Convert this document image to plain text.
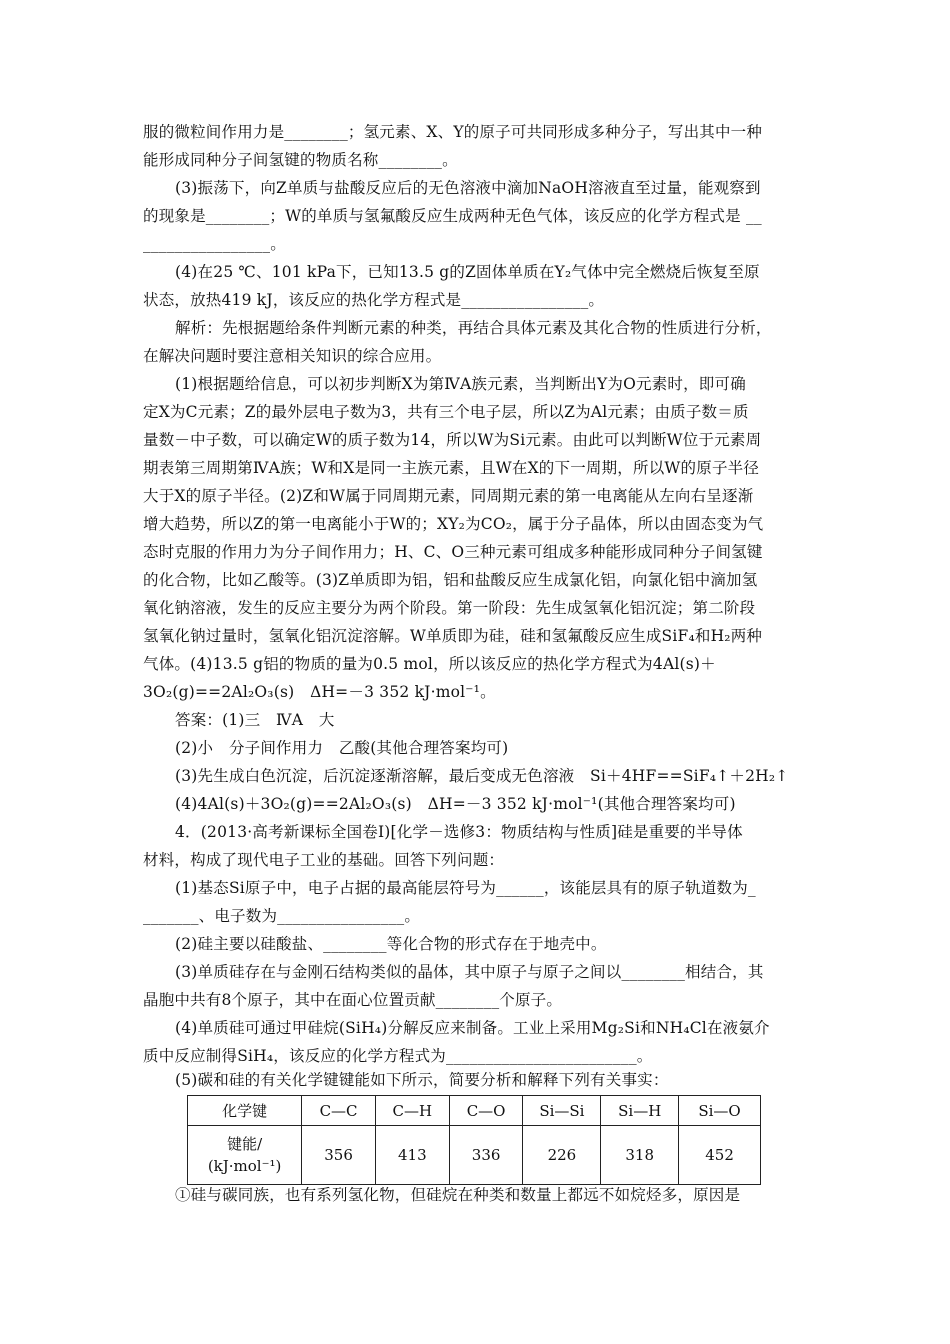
服的微粒间作用力是________；氢元素、X、Y的原子可共同形成多种分子，写出其中一种
能形成同种分子间氢键的物质名称________。
(3)振荡下，向Z单质与盐酸反应后的无色溶液中滴加NaOH溶液直至过量，能观察到
的现象是________；W的单质与氢氟酸反应生成两种无色气体，该反应的化学方程式是 __
________________。
(4)在25 ℃、101 kPa下，已知13.5 g的Z固体单质在Y₂气体中完全燃烧后恢复至原
状态，放热419 kJ，该反应的热化学方程式是________________。
解析：先根据题给条件判断元素的种类，再结合具体元素及其化合物的性质进行分析，
在解决问题时要注意相关知识的综合应用。
(1)根据题给信息，可以初步判断X为第ⅣA族元素，当判断出Y为O元素时，即可确
定X为C元素；Z的最外层电子数为3，共有三个电子层，所以Z为Al元素；由质子数＝质
量数－中子数，可以确定W的质子数为14，所以W为Si元素。由此可以判断W位于元素周
期表第三周期第ⅣA族；W和X是同一主族元素，且W在X的下一周期，所以W的原子半径
大于X的原子半径。(2)Z和W属于同周期元素，同周期元素的第一电离能从左向右呈逐渐
增大趋势，所以Z的第一电离能小于W的；XY₂为CO₂，属于分子晶体，所以由固态变为气
态时克服的作用力为分子间作用力；H、C、O三种元素可组成多种能形成同种分子间氢键
的化合物，比如乙酸等。(3)Z单质即为铝，铝和盐酸反应生成氯化铝，向氯化铝中滴加氢
氧化钠溶液，发生的反应主要分为两个阶段。第一阶段：先生成氢氧化铝沉淀；第二阶段
氢氧化钠过量时，氢氧化铝沉淀溶解。W单质即为硅，硅和氢氟酸反应生成SiF₄和H₂两种
气体。(4)13.5 g铝的物质的量为0.5 mol，所以该反应的热化学方程式为4Al(s)＋
3O₂(g)==2Al₂O₃(s)　ΔH=－3 352 kJ·mol⁻¹。
答案：(1)三　ⅣA　大
(2)小　分子间作用力　乙酸(其他合理答案均可)
(3)先生成白色沉淀，后沉淀逐渐溶解，最后变成无色溶液　Si＋4HF==SiF₄↑＋2H₂↑
(4)4Al(s)＋3O₂(g)==2Al₂O₃(s)　ΔH=－3 352 kJ·mol⁻¹(其他合理答案均可)
4．(2013·高考新课标全国卷Ⅰ)[化学－选修3：物质结构与性质]硅是重要的半导体
材料，构成了现代电子工业的基础。回答下列问题：
(1)基态Si原子中，电子占据的最高能层符号为______，该能层具有的原子轨道数为_
_______、电子数为________________。
(2)硅主要以硅酸盐、________等化合物的形式存在于地壳中。
(3)单质硅存在与金刚石结构类似的晶体，其中原子与原子之间以________相结合，其
晶胞中共有8个原子，其中在面心位置贡献________个原子。
(4)单质硅可通过甲硅烷(SiH₄)分解反应来制备。工业上采用Mg₂Si和NH₄Cl在液氨介
质中反应制得SiH₄，该反应的化学方程式为________________________。
(5)碳和硅的有关化学键键能如下所示，简要分析和解释下列有关事实：
化学键	C—C	C—H	C—O	Si—Si	Si—H	Si—O

键能/
(kJ·mol⁻¹)	356	413	336	226	318	452
①硅与碳同族，也有系列氢化物，但硅烷在种类和数量上都远不如烷烃多，原因是
